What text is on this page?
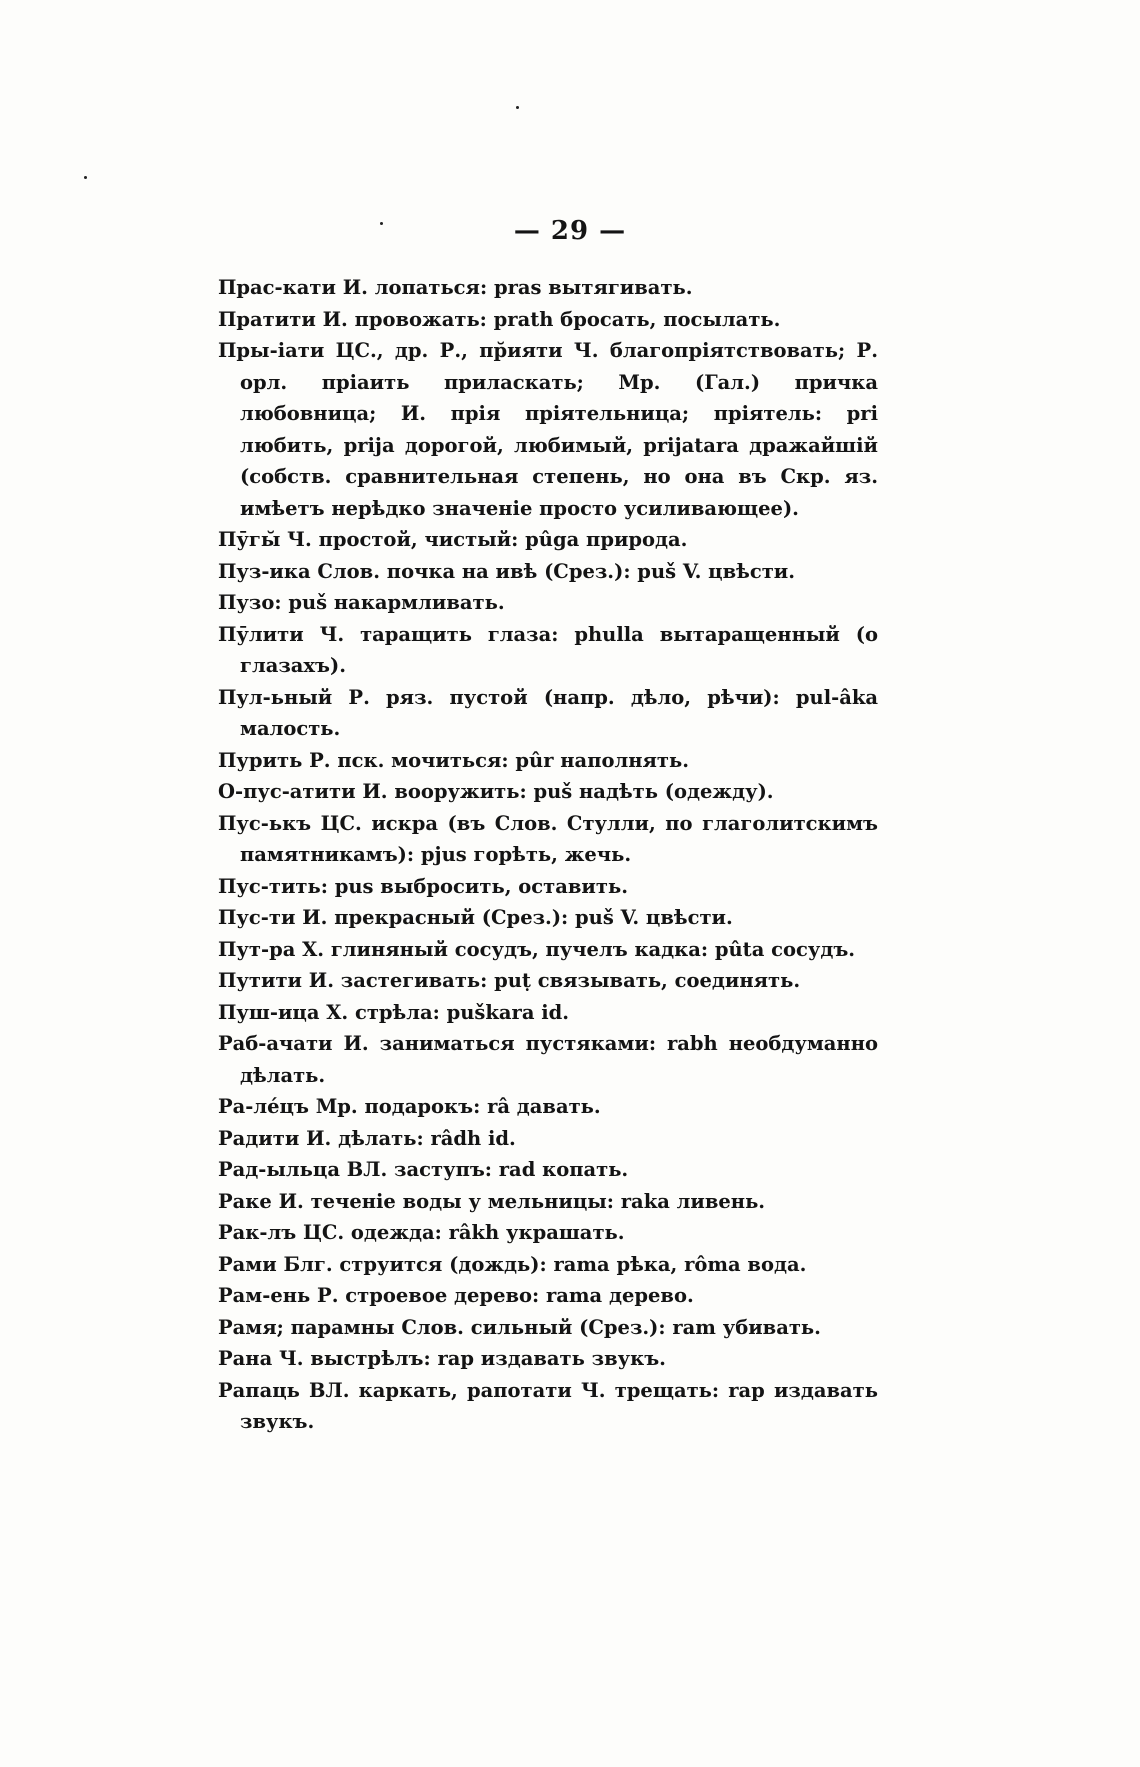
— 29 —

Прас-кати И. лопаться: pras вытягивать.

Пратити И. провожать: prath бросать, посылать.

Пры-іати ЦС., др. Р., пр̆ияти Ч. благопріятствовать; Р. орл. пріаить приласкать; Мр. (Гал.) причка любовница; И. прія пріятельница; пріятель: pri любить, prija дорогой, любимый, prijatara дражайшій (собств. сравнительная степень, но она въ Скр. яз. имѣетъ нерѣдко значеніе просто усиливающее).

Пӯгы̆ Ч. простой, чистый: pûga природа.

Пуз-ика Слов. почка на ивѣ (Срез.): puš V. цвѣсти.

Пузо: puš накармливать.

Пӯлити Ч. таращить глаза: phulla вытаращенный (о глазахъ).

Пул-ьный Р. ряз. пустой (напр. дѣло, рѣчи): pul-âka малость.

Пурить Р. пск. мочиться: pûr наполнять.

О-пус-атити И. вооружить: puš надѣть (одежду).

Пус-ькъ ЦС. искра (въ Слов. Стулли, по глаголитскимъ памятникамъ): pjus горѣть, жечь.

Пус-тить: pus выбросить, оставить.

Пус-ти И. прекрасный (Срез.): puš V. цвѣсти.

Пут-ра Х. глиняный сосудъ, пучелъ кадка: pûta сосудъ.

Путити И. застегивать: puṭ связывать, соединять.

Пуш-ица Х. стрѣла: puškara id.

Раб-ачати И. заниматься пустяками: rabh необдуманно дѣлать.

Ра-лéцъ Мр. подарокъ: râ давать.

Радити И. дѣлать: râdh id.

Рад-ыльца ВЛ. заступъ: rad копать.

Раке И. теченіе воды у мельницы: raka ливень.

Рак-лъ ЦС. одежда: râkh украшать.

Рами Блг. струится (дождь): rama рѣка, rôma вода.

Рам-ень Р. строевое дерево: rama дерево.

Рамя; парамны Слов. сильный (Срез.): ram убивать.

Рана Ч. выстрѣлъ: rap издавать звукъ.

Рапаць ВЛ. каркать, рапотати Ч. трещать: rap издавать звукъ.
